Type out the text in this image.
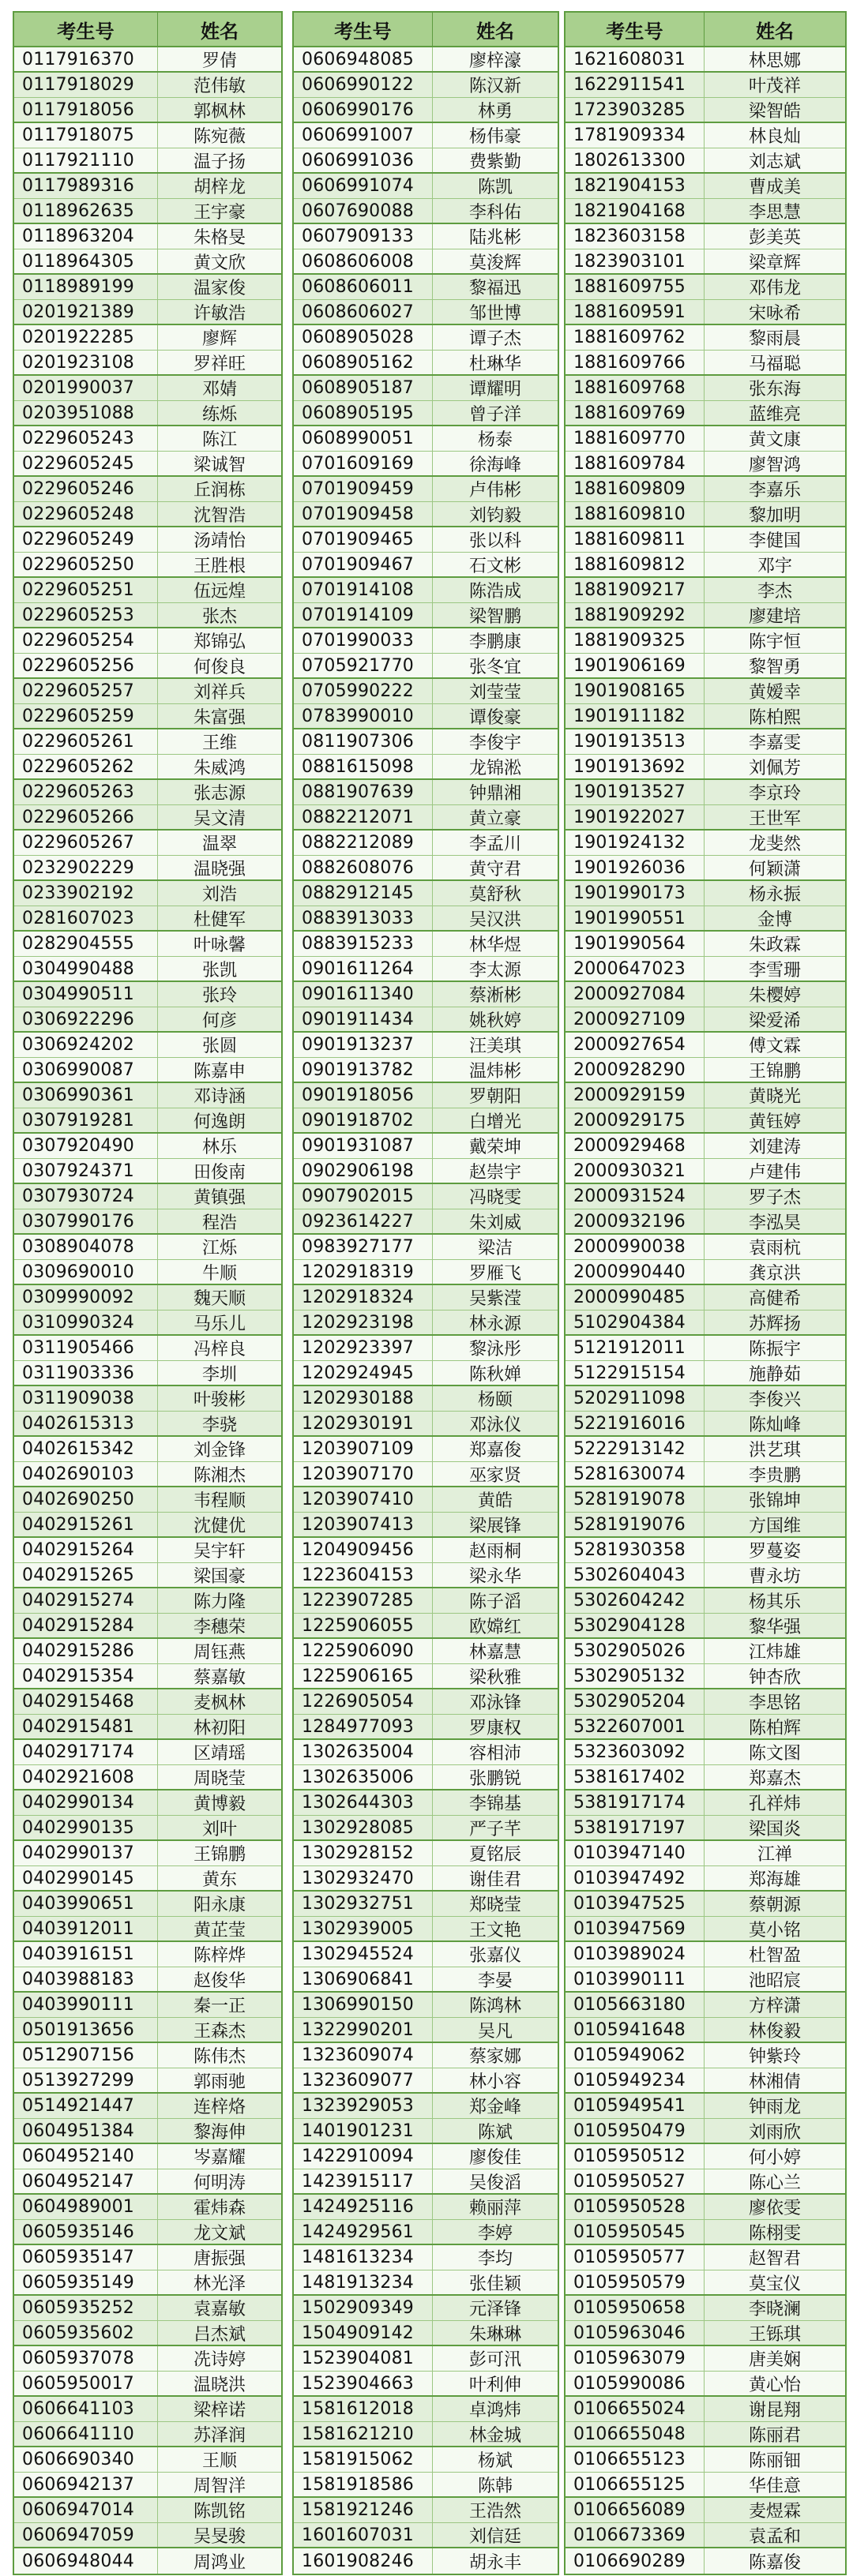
考生号	姓名
0117916370	罗倩
0117918029	范伟敏
0117918056	郭枫林
0117918075	陈宛薇
0117921110	温子扬
0117989316	胡梓龙
0118962635	王宇豪
0118963204	朱格旻
0118964305	黄文欣
0118989199	温家俊
0201921389	许敏浩
0201922285	廖辉
0201923108	罗祥旺
0201990037	邓婧
0203951088	练烁
0229605243	陈江
0229605245	梁诚智
0229605246	丘润栋
0229605248	沈智浩
0229605249	汤靖怡
0229605250	王胜根
0229605251	伍远煌
0229605253	张杰
0229605254	郑锦弘
0229605256	何俊良
0229605257	刘祥兵
0229605259	朱富强
0229605261	王维
0229605262	朱威鸿
0229605263	张志源
0229605266	吴文清
0229605267	温翠
0232902229	温晓强
0233902192	刘浩
0281607023	杜健军
0282904555	叶咏馨
0304990488	张凯
0304990511	张玲
0306922296	何彦
0306924202	张圆
0306990087	陈嘉申
0306990361	邓诗涵
0307919281	何逸朗
0307920490	林乐
0307924371	田俊南
0307930724	黄镇强
0307990176	程浩
0308904078	江烁
0309690010	牛顺
0309990092	魏天顺
0310990324	马乐儿
0311905466	冯梓良
0311903336	李圳
0311909038	叶骏彬
0402615313	李骁
0402615342	刘金锋
0402690103	陈湘杰
0402690250	韦程顺
0402915261	沈健优
0402915264	吴宇轩
0402915265	梁国豪
0402915274	陈力隆
0402915284	李穗荣
0402915286	周钰燕
0402915354	蔡嘉敏
0402915468	麦枫林
0402915481	林初阳
0402917174	区靖瑶
0402921608	周晓莹
0402990134	黄博毅
0402990135	刘叶
0402990137	王锦鹏
0402990145	黄东
0403990651	阳永康
0403912011	黄芷莹
0403916151	陈梓烨
0403988183	赵俊华
0403990111	秦一正
0501913656	王森杰
0512907156	陈伟杰
0513927299	郭雨驰
0514921447	连梓烙
0604951384	黎海伸
0604952140	岑嘉耀
0604952147	何明涛
0604989001	霍炜森
0605935146	龙文斌
0605935147	唐振强
0605935149	林光泽
0605935252	袁嘉敏
0605935602	吕杰斌
0605937078	冼诗婷
0605950017	温晓洪
0606641103	梁梓诺
0606641110	苏泽润
0606690340	王顺
0606942137	周智洋
0606947014	陈凯铭
0606947059	吴旻骏
0606948044	周鸿业
考生号	姓名
0606948085	廖梓濠
0606990122	陈汉新
0606990176	林勇
0606991007	杨伟豪
0606991036	费紫勤
0606991074	陈凯
0607690088	李科佑
0607909133	陆兆彬
0608606008	莫浚辉
0608606011	黎福迅
0608606027	邹世博
0608905028	谭子杰
0608905162	杜琳华
0608905187	谭耀明
0608905195	曾子洋
0608990051	杨泰
0701609169	徐海峰
0701909459	卢伟彬
0701909458	刘钧毅
0701909465	张以科
0701909467	石文彬
0701914108	陈浩成
0701914109	梁智鹏
0701990033	李鹏康
0705921770	张冬宜
0705990222	刘莹莹
0783990010	谭俊豪
0811907306	李俊宇
0881615098	龙锦淞
0881907639	钟鼎湘
0882212071	黄立豪
0882212089	李孟川
0882608076	黄守君
0882912145	莫舒秋
0883913033	吴汉洪
0883915233	林华煜
0901611264	李太源
0901611340	蔡淅彬
0901911434	姚秋婷
0901913237	汪美琪
0901913782	温炜彬
0901918056	罗朝阳
0901918702	白增光
0901931087	戴荣坤
0902906198	赵崇宇
0907902015	冯晓雯
0923614227	朱刘威
0983927177	梁洁
1202918319	罗雁飞
1202918324	吴紫滢
1202923198	林永源
1202923397	黎泳彤
1202924945	陈秋婵
1202930188	杨颐
1202930191	邓泳仪
1203907109	郑嘉俊
1203907170	巫家贤
1203907410	黄皓
1203907413	梁展锋
1204909456	赵雨桐
1223604153	梁永华
1223907285	陈子滔
1225906055	欧嫦红
1225906090	林嘉慧
1225906165	梁秋雅
1226905054	邓泳锋
1284977093	罗康权
1302635004	容相沛
1302635006	张鹏锐
1302644303	李锦基
1302928085	严子芊
1302928152	夏铭辰
1302932470	谢佳君
1302932751	郑晓莹
1302939005	王文艳
1302945524	张嘉仪
1306906841	李晏
1306990150	陈鸿林
1322990201	吴凡
1323609074	蔡家娜
1323609077	林小容
1323929053	郑金峰
1401901231	陈斌
1422910094	廖俊佳
1423915117	吴俊滔
1424925116	赖丽萍
1424929561	李婷
1481613234	李均
1481913234	张佳颖
1502909349	元泽锋
1504909142	朱琳琳
1523904081	彭可汛
1523904663	叶利伸
1581612018	卓鸿炜
1581621210	林金城
1581915062	杨斌
1581918586	陈韩
1581921246	王浩然
1601607031	刘信廷
1601908246	胡永丰
考生号	姓名
1621608031	林思娜
1622911541	叶茂祥
1723903285	梁智皓
1781909334	林良灿
1802613300	刘志斌
1821904153	曹成美
1821904168	李思慧
1823603158	彭美英
1823903101	梁章辉
1881609755	邓伟龙
1881609591	宋咏希
1881609762	黎雨晨
1881609766	马福聪
1881609768	张东海
1881609769	蓝维亮
1881609770	黄文康
1881609784	廖智鸿
1881609809	李嘉乐
1881609810	黎加明
1881609811	李健国
1881609812	邓宇
1881909217	李杰
1881909292	廖建培
1881909325	陈宇恒
1901906169	黎智勇
1901908165	黄嫒幸
1901911182	陈柏熙
1901913513	李嘉雯
1901913692	刘佩芳
1901913527	李京玲
1901922027	王世军
1901924132	龙斐然
1901926036	何颖潇
1901990173	杨永振
1901990551	金博
1901990564	朱政霖
2000647023	李雪珊
2000927084	朱樱婷
2000927109	梁爱浠
2000927654	傅文霖
2000928290	王锦鹏
2000929159	黄晓光
2000929175	黄钰婷
2000929468	刘建涛
2000930321	卢建伟
2000931524	罗子杰
2000932196	李泓昊
2000990038	袁雨杭
2000990440	龚京洪
2000990485	高健希
5102904384	苏辉扬
5121912011	陈振宇
5122915154	施静茹
5202911098	李俊兴
5221916016	陈灿峰
5222913142	洪艺琪
5281630074	李贵鹏
5281919078	张锦坤
5281919076	方国维
5281930358	罗蔓姿
5302604043	曹永坊
5302604242	杨其乐
5302904128	黎华强
5302905026	江炜雄
5302905132	钟杏欣
5302905204	李思铭
5322607001	陈柏辉
5323603092	陈文图
5381617402	郑嘉杰
5381917174	孔祥炜
5381917197	梁国炎
0103947140	江禅
0103947492	郑海雄
0103947525	蔡朝源
0103947569	莫小铭
0103989024	杜智盈
0103990111	池昭宸
0105663180	方梓潇
0105941648	林俊毅
0105949062	钟紫玲
0105949234	林湘倩
0105949541	钟雨龙
0105950479	刘雨欣
0105950512	何小婷
0105950527	陈心兰
0105950528	廖依雯
0105950545	陈栩雯
0105950577	赵智君
0105950579	莫宝仪
0105950658	李晓澜
0105963046	王铄琪
0105963079	唐美娴
0105990086	黄心怡
0106655024	谢昆翔
0106655048	陈丽君
0106655123	陈丽钿
0106655125	华佳意
0106656089	麦煜霖
0106673369	袁孟和
0106690289	陈嘉俊
